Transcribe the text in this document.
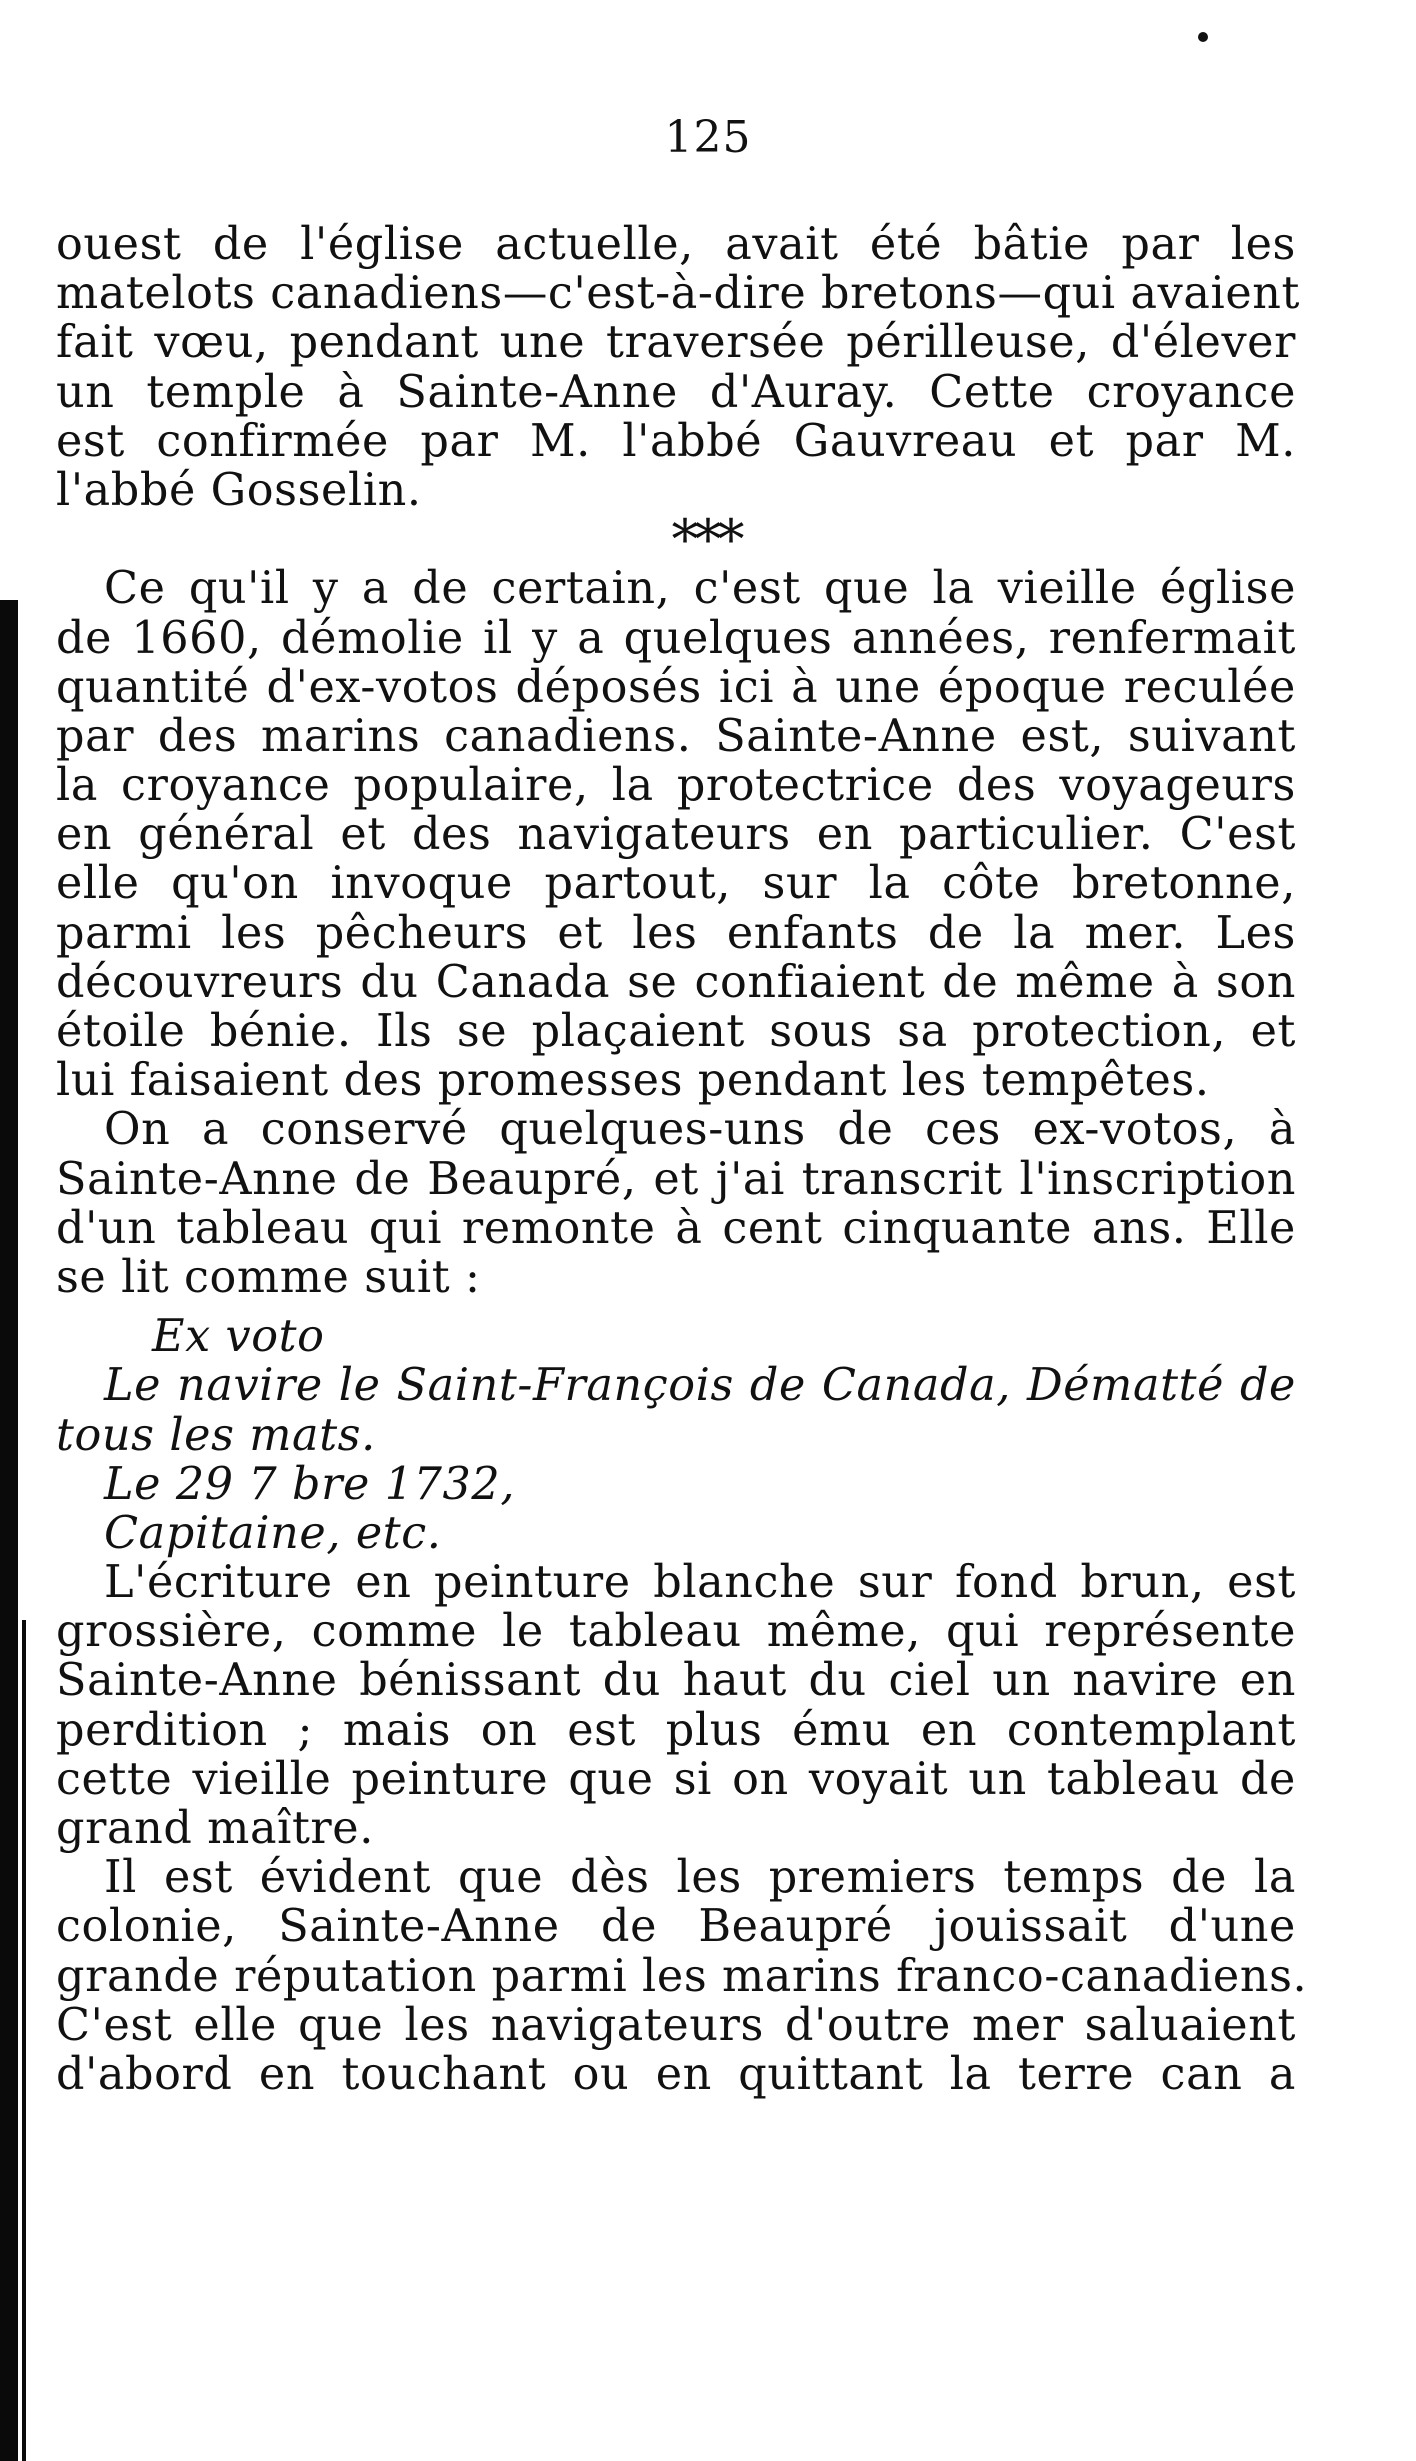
125
ouest de l'église actuelle, avait été bâtie par les
matelots canadiens—c'est-à-dire bretons—qui avaient
fait vœu, pendant une traversée périlleuse, d'élever
un temple à Sainte-Anne d'Auray. Cette croyance
est confirmée par M. l'abbé Gauvreau et par M.
l'abbé Gosselin.
***
Ce qu'il y a de certain, c'est que la vieille église
de 1660, démolie il y a quelques années, renfermait
quantité d'ex-votos déposés ici à une époque reculée
par des marins canadiens. Sainte-Anne est, suivant
la croyance populaire, la protectrice des voyageurs
en général et des navigateurs en particulier. C'est
elle qu'on invoque partout, sur la côte bretonne,
parmi les pêcheurs et les enfants de la mer. Les
découvreurs du Canada se confiaient de même à son
étoile bénie. Ils se plaçaient sous sa protection, et
lui faisaient des promesses pendant les tempêtes.
On a conservé quelques-uns de ces ex-votos, à
Sainte-Anne de Beaupré, et j'ai transcrit l'inscription
d'un tableau qui remonte à cent cinquante ans. Elle
se lit comme suit :
Ex voto
Le navire le Saint-François de Canada, Dématté de
tous les mats.
Le 29 7 bre 1732,
Capitaine, etc.
L'écriture en peinture blanche sur fond brun, est
grossière, comme le tableau même, qui représente
Sainte-Anne bénissant du haut du ciel un navire en
perdition ; mais on est plus ému en contemplant
cette vieille peinture que si on voyait un tableau de
grand maître.
Il est évident que dès les premiers temps de la
colonie, Sainte-Anne de Beaupré jouissait d'une
grande réputation parmi les marins franco-canadiens.
C'est elle que les navigateurs d'outre mer saluaient
d'abord en touchant ou en quittant la terre can a
